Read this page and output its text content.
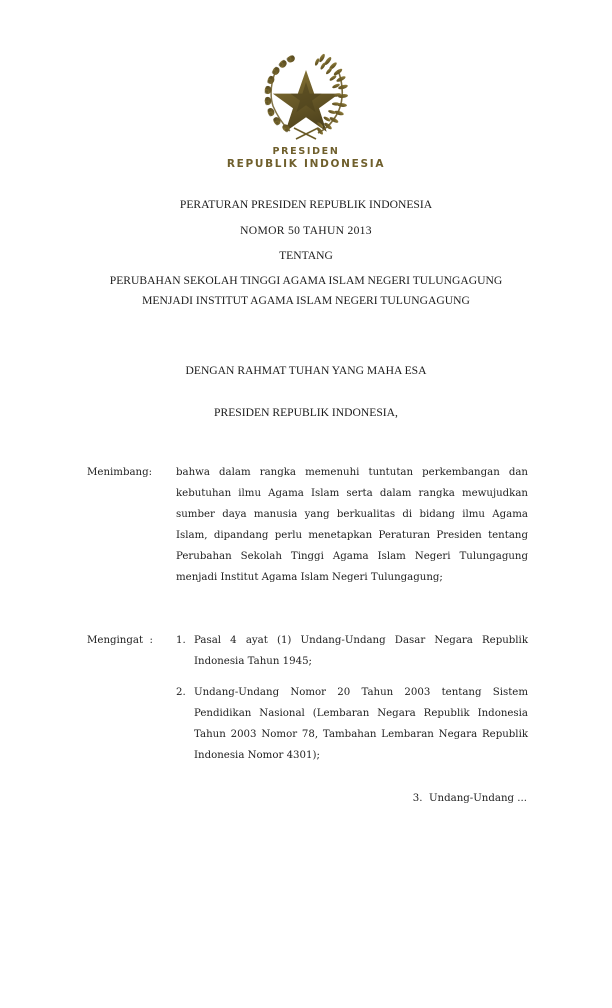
PRESIDEN
REPUBLIK INDONESIA
PERATURAN PRESIDEN REPUBLIK INDONESIA
NOMOR 50 TAHUN 2013
TENTANG
PERUBAHAN SEKOLAH TINGGI AGAMA ISLAM NEGERI TULUNGAGUNG
MENJADI INSTITUT AGAMA ISLAM NEGERI TULUNGAGUNG
DENGAN RAHMAT TUHAN YANG MAHA ESA
PRESIDEN REPUBLIK INDONESIA,
Menimbang:	bahwa dalam rangka memenuhi tuntutan perkembangan dan kebutuhan ilmu Agama Islam serta dalam rangka mewujudkan sumber daya manusia yang berkualitas di bidang ilmu Agama Islam, dipandang perlu menetapkan Peraturan Presiden tentang Perubahan Sekolah Tinggi Agama Islam Negeri Tulungagung menjadi Institut Agama Islam Negeri Tulungagung;
Mengingat  :	1. Pasal 4 ayat (1) Undang-Undang Dasar Negara Republik Indonesia Tahun 1945;
2. Undang-Undang Nomor 20 Tahun 2003 tentang Sistem Pendidikan Nasional (Lembaran Negara Republik Indonesia Tahun 2003 Nomor 78, Tambahan Lembaran Negara Republik Indonesia Nomor 4301);
3.  Undang-Undang ...
